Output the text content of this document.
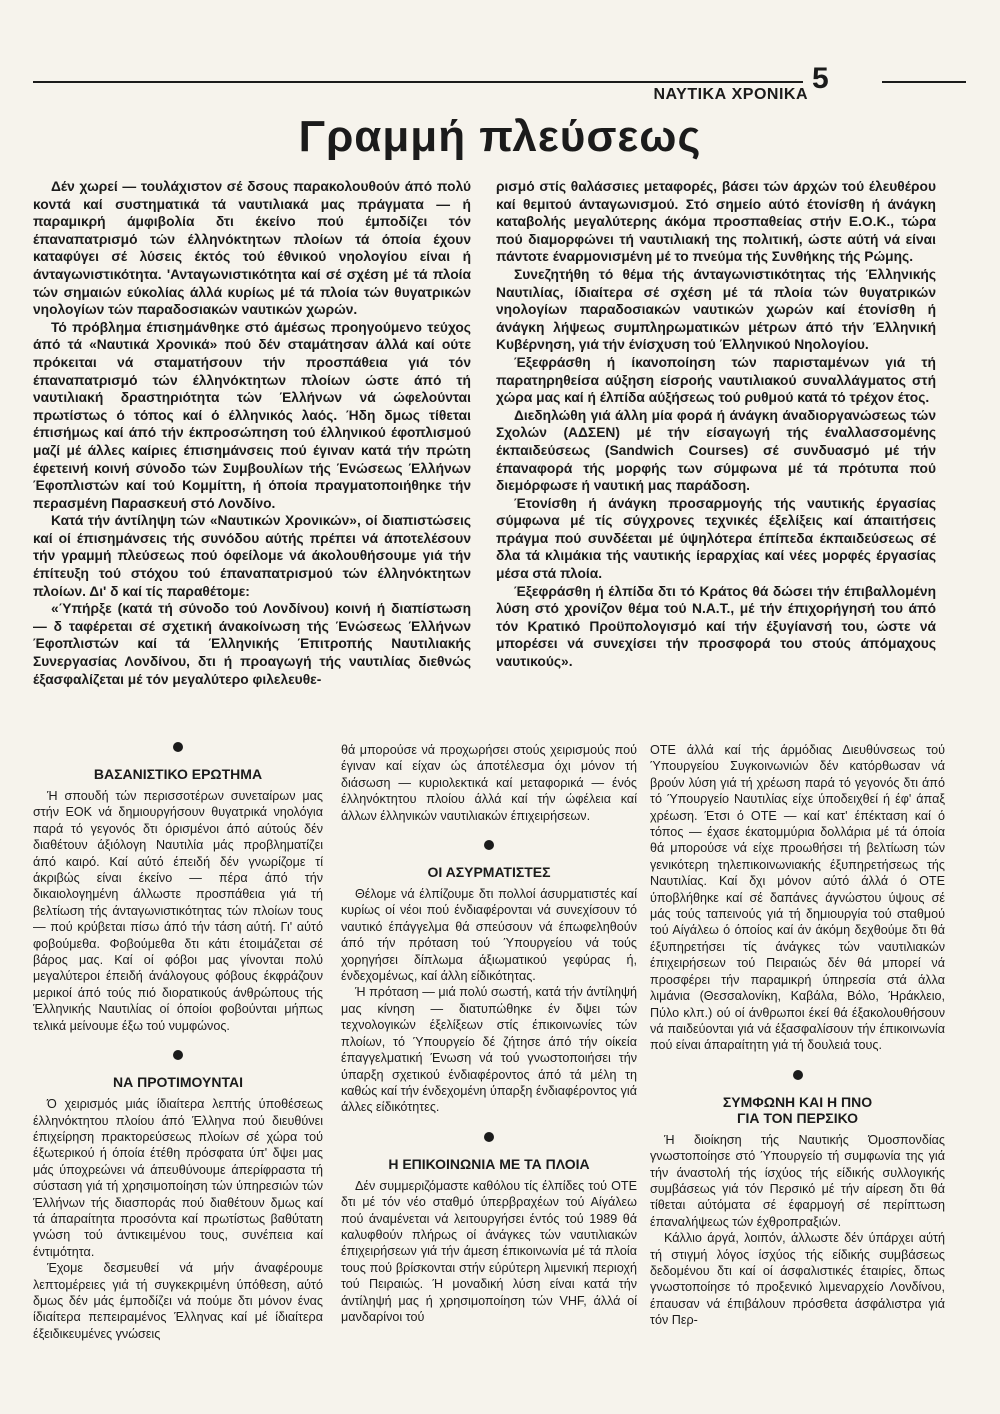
ΝΑΥΤΙΚΑ ΧΡΟΝΙΚΑ 5
Γραμμή πλεύσεως

Δέν χωρεί — τουλάχιστον σέ δσους παρακολουθούν άπό πολύ κοντά καί συστηματικά τά ναυτιλιακά μας πράγματα — ή παραμικρή άμφιβολία δτι έκείνο πού έμποδίζει τόν έπαναπατρισμό τών έλληνόκτητων πλοίων τά όποία έχουν καταφύγει σέ λύσεις έκτός τού έθνικού νηολογίου είναι ή άνταγωνιστικότητα. 'Ανταγωνιστικότητα καί σέ σχέση μέ τά πλοία τών σημαιών εύκολίας άλλά κυρίως μέ τά πλοία τών θυγατρικών νηολογίων τών παραδοσιακών ναυτικών χωρών.

Τό πρόβλημα έπισημάνθηκε στό άμέσως προηγούμενο τεύχος άπό τά «Ναυτικά Χρονικά» πού δέν σταμάτησαν άλλά καί ούτε πρόκειται νά σταματήσουν τήν προσπάθεια γιά τόν έπαναπατρισμό τών έλληνόκτητων πλοίων ώστε άπό τή ναυτιλιακή δραστηριότητα τών Έλλήνων νά ώφελούνται πρωτίστως ό τόπος καί ό έλληνικός λαός. Ήδη δμως τίθεται έπισήμως καί άπό τήν έκπροσώπηση τού έλληνικού έφοπλισμού μαζί μέ άλλες καίριες έπισημάνσεις πού έγιναν κατά τήν πρώτη έφετεινή κοινή σύνοδο τών Συμβουλίων τής Ένώσεως Έλλήνων Έφοπλιστών καί τού Κομμίττη, ή όποία πραγματοποιήθηκε τήν περασμένη Παρασκευή στό Λονδίνο.

Κατά τήν άντίληψη τών «Ναυτικών Χρονικών», οί διαπιστώσεις καί οί έπισημάνσεις τής συνόδου αύτής πρέπει νά άποτελέσουν τήν γραμμή πλεύσεως πού όφείλομε νά άκολουθήσουμε γιά τήν έπίτευξη τού στόχου τού έπαναπατρισμού τών έλληνόκτητων πλοίων. Δι' δ καί τίς παραθέτομε:

«Ύπήρξε (κατά τή σύνοδο τού Λονδίνου) κοινή ή διαπίστωση — δ ταφέρεται σέ σχετική άνακοίνωση τής Ένώσεως Έλλήνων Έφοπλιστών καί τά Έλληνικής Έπιτροπής Ναυτιλιακής Συνεργασίας Λονδίνου, δτι ή προαγωγή τής ναυτιλίας διεθνώς έξασφαλίζεται μέ τόν μεγαλύτερο φιλελευθε-

ρισμό στίς θαλάσσιες μεταφορές, βάσει τών άρχών τού έλευθέρου καί θεμιτού άνταγωνισμού. Στό σημείο αύτό έτονίσθη ή άνάγκη καταβολής μεγαλύτερης άκόμα προσπαθείας στήν Ε.Ο.Κ., τώρα πού διαμορφώνει τή ναυτιλιακή της πολιτική, ώστε αύτή νά είναι πάντοτε έναρμονισμένη μέ το πνεύμα τής Συνθήκης τής Ρώμης.

Συνεζητήθη τό θέμα τής άνταγωνιστικότητας τής Έλληνικής Ναυτιλίας, ίδιαίτερα σέ σχέση μέ τά πλοία τών θυγατρικών νηολογίων παραδοσιακών ναυτικών χωρών καί έτονίσθη ή άνάγκη λήψεως συμπληρωματικών μέτρων άπό τήν Έλληνική Κυβέρνηση, γιά τήν ένίσχυση τού Έλληνικού Νηολογίου.

Έξεφράσθη ή ίκανοποίηση τών παρισταμένων γιά τή παρατηρηθείσα αύξηση είσροής ναυτιλιακού συναλλάγματος στή χώρα μας καί ή έλπίδα αύξήσεως τού ρυθμού κατά τό τρέχον έτος.

Διεδηλώθη γιά άλλη μία φορά ή άνάγκη άναδιοργανώσεως τών Σχολών (ΑΔΣΕΝ) μέ τήν είσαγωγή τής έναλλασσομένης έκπαιδεύσεως (Sandwich Courses) σέ συνδυασμό μέ τήν έπαναφορά τής μορφής των σύμφωνα μέ τά πρότυπα πού διεμόρφωσε ή ναυτική μας παράδοση.

Έτονίσθη ή άνάγκη προσαρμογής τής ναυτικής έργασίας σύμφωνα μέ τίς σύγχρονες τεχνικές έξελίξεις καί άπαιτήσεις πράγμα πού συνδέεται μέ ύψηλότερα έπίπεδα έκπαιδεύσεως σέ δλα τά κλιμάκια τής ναυτικής ίεραρχίας καί νέες μορφές έργασίας μέσα στά πλοία.

Έξεφράσθη ή έλπίδα δτι τό Κράτος θά δώσει τήν έπιβαλλομένη λύση στό χρονίζον θέμα τού Ν.Α.Τ., μέ τήν έπιχορήγησή του άπό τόν Κρατικό Προϋπολογισμό καί τήν έξυγίανσή του, ώστε νά μπορέσει νά συνεχίσει τήν προσφορά του στούς άπόμαχους ναυτικούς».

ΒΑΣΑΝΙΣΤΙΚΟ ΕΡΩΤΗΜΑ

Ή σπουδή τών περισσοτέρων συνεταίρων μας στήν ΕΟΚ νά δημιουργήσουν θυγατρικά νηολόγια παρά τό γεγονός δτι όρισμένοι άπό αύτούς δέν διαθέτουν άξιόλογη Ναυτιλία μάς προβληματίζει άπό καιρό. Καί αύτό έπειδή δέν γνωρίζομε τί άκριβώς είναι έκείνο — πέρα άπό τήν δικαιολογημένη άλλωστε προσπάθεια γιά τή βελτίωση τής άνταγωνιστικότητας τών πλοίων τους— πού κρύβεται πίσω άπό τήν τάση αύτή. Γι' αύτό φοβούμεθα. Φοβούμεθα δτι κάτι έτοιμάζεται σέ βάρος μας. Καί οί φόβοι μας γίνονται πολύ μεγαλύτεροι έπειδή άνάλογους φόβους έκφράζουν μερικοί άπό τούς πιό διορατικούς άνθρώπους τής Έλληνικής Ναυτιλίας οί όποίοι φοβούνται μήπως τελικά μείνουμε έξω τού νυμφώνος.

ΝΑ ΠΡΟΤΙΜΟΥΝΤΑΙ

Ό χειρισμός μιάς ίδιαίτερα λεπτής ύποθέσεως έλληνόκτητου πλοίου άπό Έλληνα πού διευθύνει έπιχείρηση πρακτορεύσεως πλοίων σέ χώρα τού έξωτερικού ή όποία έτέθη πρόσφατα ύπ' δψει μας μάς ύποχρεώνει νά άπευθύνουμε άπερίφραστα τή σύσταση γιά τή χρησιμοποίηση τών ύπηρεσιών τών Έλλήνων τής διασποράς πού διαθέτουν δμως καί τά άπαραίτητα προσόντα καί πρωτίστως βαθύτατη γνώση τού άντικειμένου τους, συνέπεια καί έντιμότητα.

Έχομε δεσμευθεί νά μήν άναφέρουμε λεπτομέρειες γιά τή συγκεκριμένη ύπόθεση, αύτό δμως δέν μάς έμποδίζει νά πούμε δτι μόνον ένας ίδιαίτερα πεπειραμένος Έλληνας καί μέ ίδιαίτερα έξειδικευμένες γνώσεις

θά μπορούσε νά προχωρήσει στούς χειρισμούς πού έγιναν καί είχαν ώς άποτέλεσμα όχι μόνον τή διάσωση — κυριολεκτικά καί μεταφορικά — ένός έλληνόκτητου πλοίου άλλά καί τήν ώφέλεια καί άλλων έλληνικών ναυτιλιακών έπιχειρήσεων.

ΟΙ ΑΣΥΡΜΑΤΙΣΤΕΣ

Θέλομε νά έλπίζουμε δτι πολλοί άσυρματιστές καί κυρίως οί νέοι πού ένδιαφέρονται νά συνεχίσουν τό ναυτικό έπάγγελμα θά σπεύσουν νά έπωφεληθούν άπό τήν πρόταση τού Ύπουργείου νά τούς χορηγήσει δίπλωμα άξιωματικού γεφύρας ή, ένδεχομένως, καί άλλη είδικότητας.

Ή πρόταση — μιά πολύ σωστή, κατά τήν άντίληψή μας κίνηση — διατυπώθηκε έν δψει τών τεχνολογικών έξελίξεων στίς έπικοινωνίες τών πλοίων, τό Ύπουργείο δέ ζήτησε άπό τήν οίκεία έπαγγελματική Ένωση νά τού γνωστοποιήσει τήν ύπαρξη σχετικού ένδιαφέροντος άπό τά μέλη τη καθώς καί τήν ένδεχομένη ύπαρξη ένδιαφέροντος γιά άλλες είδικότητες.

Η ΕΠΙΚΟΙΝΩΝΙΑ ΜΕ ΤΑ ΠΛΟΙΑ

Δέν συμμεριζόμαστε καθόλου τίς έλπίδες τού ΟΤΕ δτι μέ τόν νέο σταθμό ύπερβραχέων τού Αίγάλεω πού άναμένεται νά λειτουργήσει έντός τού 1989 θά καλυφθούν πλήρως οί άνάγκες τών ναυτιλιακών έπιχειρήσεων γιά τήν άμεση έπικοινωνία μέ τά πλοία τους πού βρίσκονται στήν εύρύτερη λιμενική περιοχή τού Πειραιώς. Ή μοναδική λύση είναι κατά τήν άντίληψή μας ή χρησιμοποίηση τών VHF, άλλά οί μανδαρίνοι τού

ΟΤΕ άλλά καί τής άρμόδιας Διευθύνσεως τού Ύπουργείου Συγκοινωνιών δέν κατόρθωσαν νά βρούν λύση γιά τή χρέωση παρά τό γεγονός δτι άπό τό Ύπουργείο Ναυτιλίας είχε ύποδειχθεί ή έφ' άπαξ χρέωση. Έτσι ό ΟΤΕ — καί κατ' έπέκταση καί ό τόπος — έχασε έκατομμύρια δολλάρια μέ τά όποία θά μπορούσε νά είχε προωθήσει τή βελτίωση τών γενικότερη τηλεπικοινωνιακής έξυπηρετήσεως τής Ναυτιλίας. Καί δχι μόνον αύτό άλλά ό ΟΤΕ ύποβλήθηκε καί σέ δαπάνες άγνώστου ύψους σέ μάς τούς ταπεινούς γιά τή δημιουργία τού σταθμού τού Αίγάλεω ό όποίος καί άν άκόμη δεχθούμε δτι θά έξυπηρετήσει τίς άνάγκες τών ναυτιλιακών έπιχειρήσεων τού Πειραιώς δέν θά μπορεί νά προσφέρει τήν παραμικρή ύπηρεσία στά άλλα λιμάνια (Θεσσαλονίκη, Καβάλα, Βόλο, Ήράκλειο, Πύλο κλπ.) ού οί άνθρωποι έκεί θά έξακολουθήσουν νά παιδεύονται γιά νά έξασφαλίσουν τήν έπικοινωνία πού είναι άπαραίτητη γιά τή δουλειά τους.

ΣΥΜΦΩΝΗ ΚΑΙ Η ΠΝΟ
ΓΙΑ ΤΟΝ ΠΕΡΣΙΚΟ

Ή διοίκηση τής Ναυτικής Όμοσπονδίας γνωστοποίησε στό Ύπουργείο τή συμφωνία της γιά τήν άναστολή τής ίσχύος τής είδικής συλλογικής συμβάσεως γιά τόν Περσικό μέ τήν αίρεση δτι θά τίθεται αύτόματα σέ έφαρμογή σέ περίπτωση έπαναλήψεως τών έχθροπραξιών.

Κάλλιο άργά, λοιπόν, άλλωστε δέν ύπάρχει αύτή τή στιγμή λόγος ίσχύος τής είδικής συμβάσεως δεδομένου δτι καί οί άσφαλιστικές έταιρίες, δπως γνωστοποίησε τό προξενικό λιμεναρχείο Λονδίνου, έπαυσαν νά έπιβάλουν πρόσθετα άσφάλιστρα γιά τόν Περ-
